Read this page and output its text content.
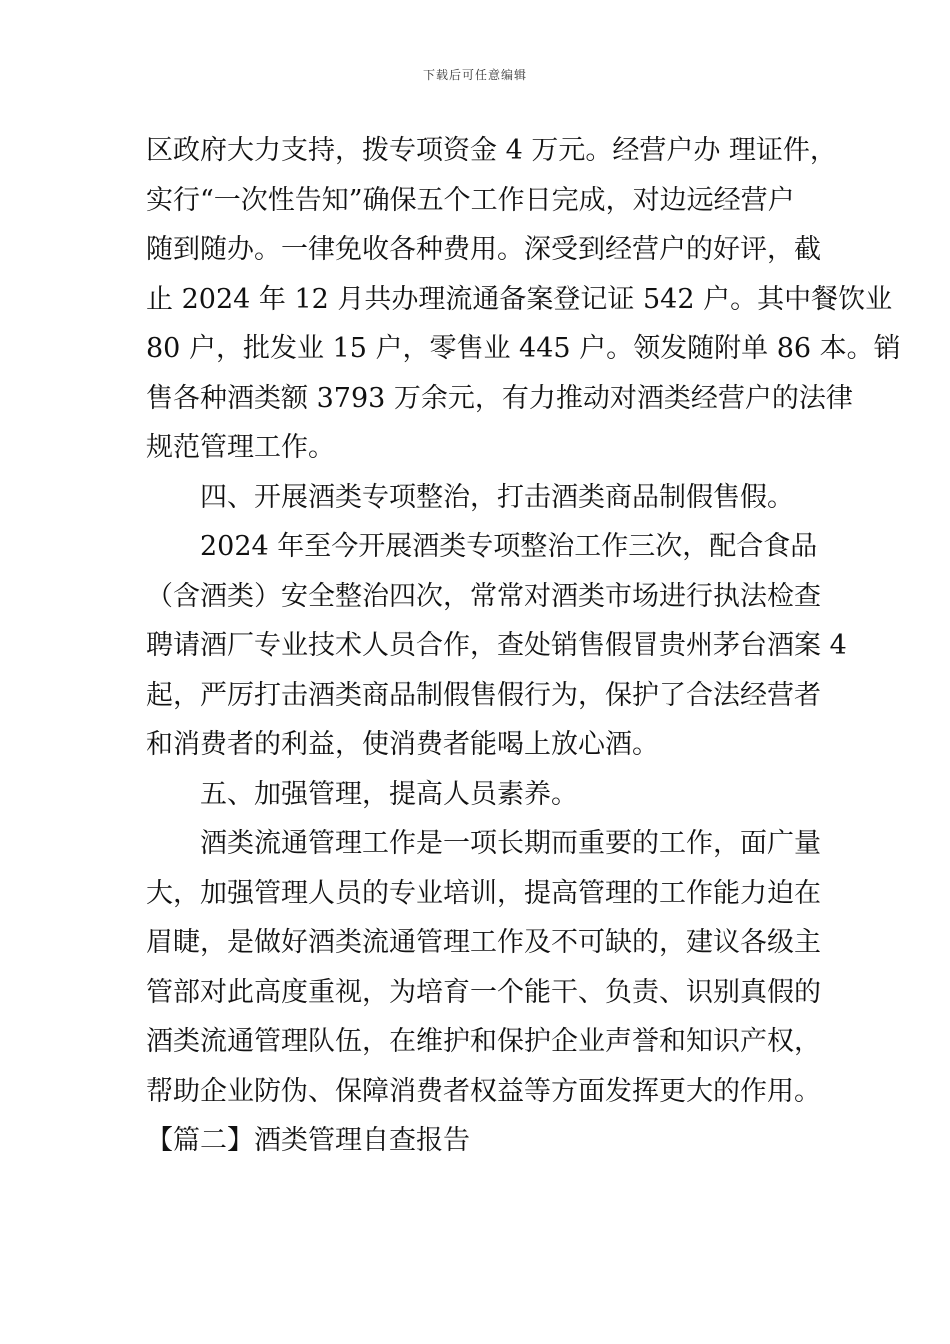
下载后可任意编辑
区政府大力支持，拨专项资金 4 万元。经营户办 理证件，
实行“一次性告知”确保五个工作日完成，对边远经营户
随到随办。一律免收各种费用。深受到经营户的好评，截
止 2024 年 12 月共办理流通备案登记证 542 户。其中餐饮业
80 户，批发业 15 户，零售业 445 户。领发随附单 86 本。销
售各种酒类额 3793 万余元，有力推动对酒类经营户的法律
规范管理工作。
四、开展酒类专项整治，打击酒类商品制假售假。
2024 年至今开展酒类专项整治工作三次，配合食品
（含酒类）安全整治四次，常常对酒类市场进行执法检查
聘请酒厂专业技术人员合作，查处销售假冒贵州茅台酒案 4
起，严厉打击酒类商品制假售假行为，保护了合法经营者
和消费者的利益，使消费者能喝上放心酒。
五、加强管理，提高人员素养。
酒类流通管理工作是一项长期而重要的工作，面广量
大，加强管理人员的专业培训，提高管理的工作能力迫在
眉睫，是做好酒类流通管理工作及不可缺的，建议各级主
管部对此高度重视，为培育一个能干、负责、识别真假的
酒类流通管理队伍，在维护和保护企业声誉和知识产权，
帮助企业防伪、保障消费者权益等方面发挥更大的作用。
【篇二】酒类管理自查报告
